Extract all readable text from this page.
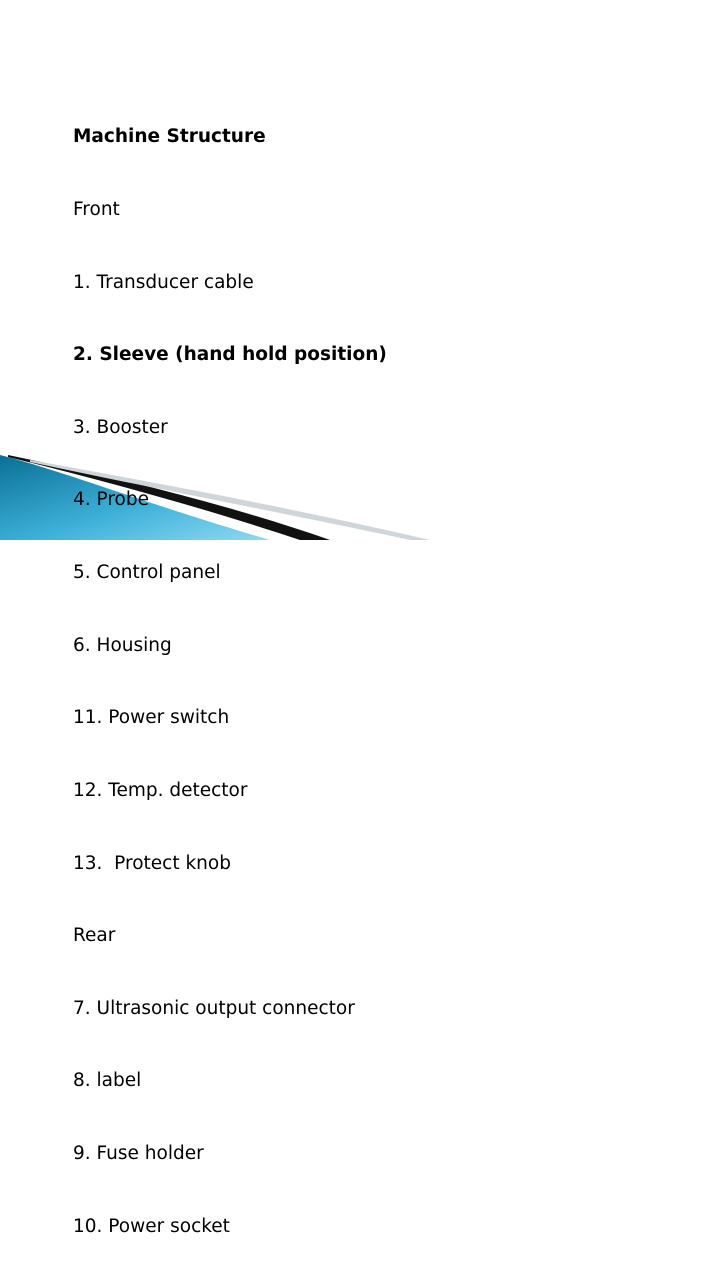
Machine Structure

Front

1. Transducer cable

2. Sleeve (hand hold position)

3. Booster

4. Probe

5. Control panel

6. Housing

11. Power switch

12. Temp. detector

13.  Protect knob

Rear

7. Ultrasonic output connector

8. label

9. Fuse holder

10. Power socket
